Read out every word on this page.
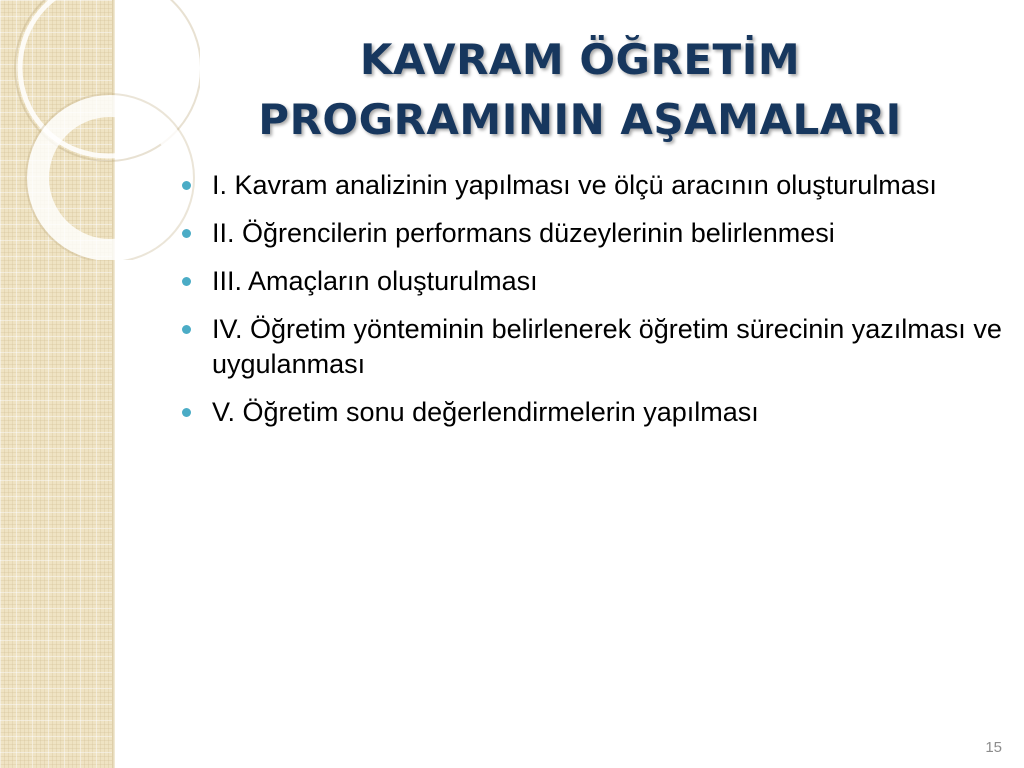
KAVRAM ÖĞRETİM
PROGRAMININ AŞAMALARI
I. Kavram analizinin yapılması ve ölçü aracının oluşturulması
II. Öğrencilerin performans düzeylerinin belirlenmesi
III. Amaçların oluşturulması
IV. Öğretim yönteminin belirlenerek öğretim sürecinin yazılması ve uygulanması
V. Öğretim sonu değerlendirmelerin yapılması
15
